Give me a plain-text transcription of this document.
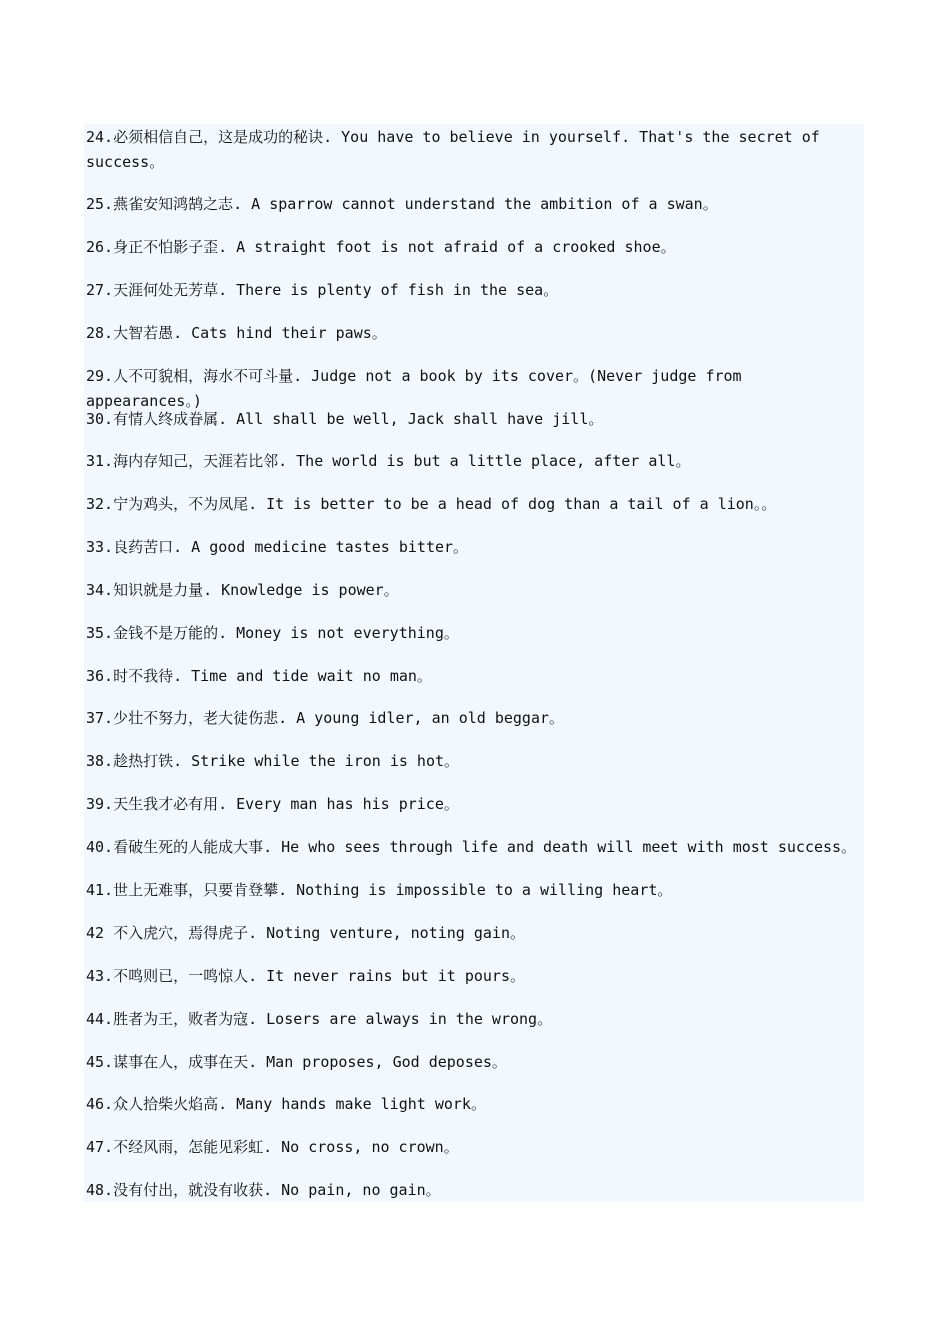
24.必须相信自己，这是成功的秘诀. You have to believe in yourself. That's the secret of success。

25.燕雀安知鸿鹄之志. A sparrow cannot understand the ambition of a swan。

26.身正不怕影子歪. A straight foot is not afraid of a crooked shoe。

27.天涯何处无芳草. There is plenty of fish in the sea。

28.大智若愚. Cats hind their paws。

29.人不可貌相，海水不可斗量. Judge not a book by its cover。(Never judge from appearances。)

30.有情人终成眷属. All shall be well, Jack shall have jill。

31.海内存知己，天涯若比邻. The world is but a little place, after all。

32.宁为鸡头，不为凤尾. It is better to be a head of dog than a tail of a lion。。

33.良药苦口. A good medicine tastes bitter。

34.知识就是力量. Knowledge is power。

35.金钱不是万能的. Money is not everything。

36.时不我待. Time and tide wait no man。

37.少壮不努力，老大徒伤悲. A young idler, an old beggar。

38.趁热打铁. Strike while the iron is hot。

39.天生我才必有用. Every man has his price。

40.看破生死的人能成大事. He who sees through life and death will meet with most success。

41.世上无难事，只要肯登攀. Nothing is impossible to a willing heart。

42 不入虎穴，焉得虎子. Noting venture, noting gain。

43.不鸣则已，一鸣惊人. It never rains but it pours。

44.胜者为王，败者为寇. Losers are always in the wrong。

45.谋事在人，成事在天. Man proposes, God deposes。

46.众人拾柴火焰高. Many hands make light work。

47.不经风雨，怎能见彩虹. No cross, no crown。

48.没有付出，就没有收获. No pain, no gain。
